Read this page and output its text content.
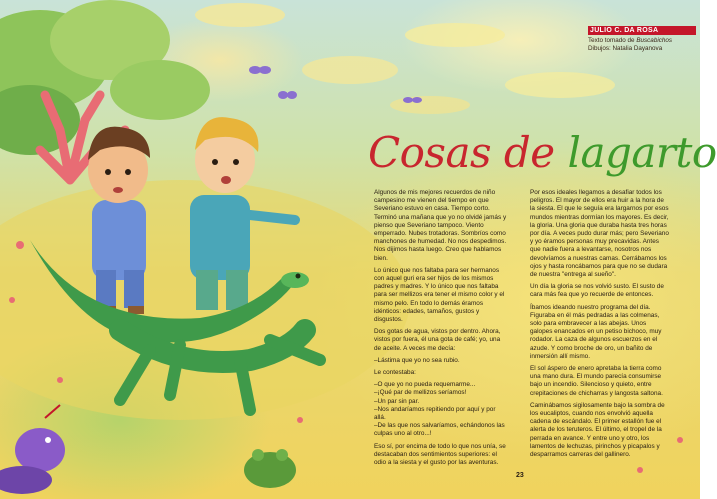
JULIO C. DA ROSA
Texto tomado de Buscabichos
Dibujos: Natalia Dayanova
Cosas de lagarto

Algunos de mis mejores recuerdos de niño campesino me vienen del tiempo en que Severiano estuvo en casa. Tiempo corto. Terminó una mañana que yo no olvidé jamás y pienso que Severiano tampoco. Viento emperrado. Nubes trotadoras. Sombríos como manchones de humedad. No nos despedimos. Nos dijimos hasta luego. Creo que hablamos bien.

Lo único que nos faltaba para ser hermanos con aquel guri era ser hijos de los mismos padres y madres. Y lo único que nos faltaba para ser mellizos era tener el mismo color y el mismo pelo. En todo lo demás éramos idénticos: edades, tamaños, gustos y disgustos.

Dos gotas de agua, vistos por dentro. Ahora, vistos por fuera, él una gota de café; yo, una de aceite. A veces me decía:

–Lástima que yo no sea rubio.

Le contestaba:

–O que yo no pueda requemarme...

–¡Qué par de mellizos seríamos!

–Un par sin par.

–Nos andaríamos repitiendo por aquí y por allá.

–De las que nos salvaríamos, echándonos las culpas uno al otro...!

Eso sí, por encima de todo lo que nos unía, se destacaban dos sentimientos superiores: el odio a la siesta y el gusto por las aventuras.

Por esos ideales llegamos a desafiar todos los peligros. El mayor de ellos era huir a la hora de la siesta. El que le seguía era largarnos por esos mundos mientras dormían los mayores. Es decir, la gloria. Una gloria que duraba hasta tres horas por día. A veces pudo durar más; pero Severiano y yo éramos personas muy precavidas. Antes que nadie fuera a levantarse, nosotros nos devolvíamos a nuestras camas. Cerrábamos los ojos y hasta roncábamos para que no se dudara de nuestra "entrega al sueño".

Un día la gloria se nos volvió susto. El susto de cara más fea que yo recuerde de entonces.

Íbamos ideando nuestro programa del día. Figuraba en él más pedradas a las colmenas, solo para embravecer a las abejas. Unos galopes enancados en un petiso bichoco, muy rodador. La caza de algunos escuerzos en el azude. Y como broche de oro, un bañito de inmersión allí mismo.

El sol áspero de enero apretaba la tierra como una mano dura. El mundo parecía consumirse bajo un incendio. Silencioso y quieto, entre crepitaciones de chicharras y langosta saltona.

Caminábamos sigilosamente bajo la sombra de los eucaliptos, cuando nos envolvió aquella cadena de escándalo. El primer estallón fue el alerta de los teruteros. El último, el tropel de la perrada en avance. Y entre uno y otro, los lamentos de lechuzas, pirinchos y picapalos y desparramos carreras del gallinero.

23
